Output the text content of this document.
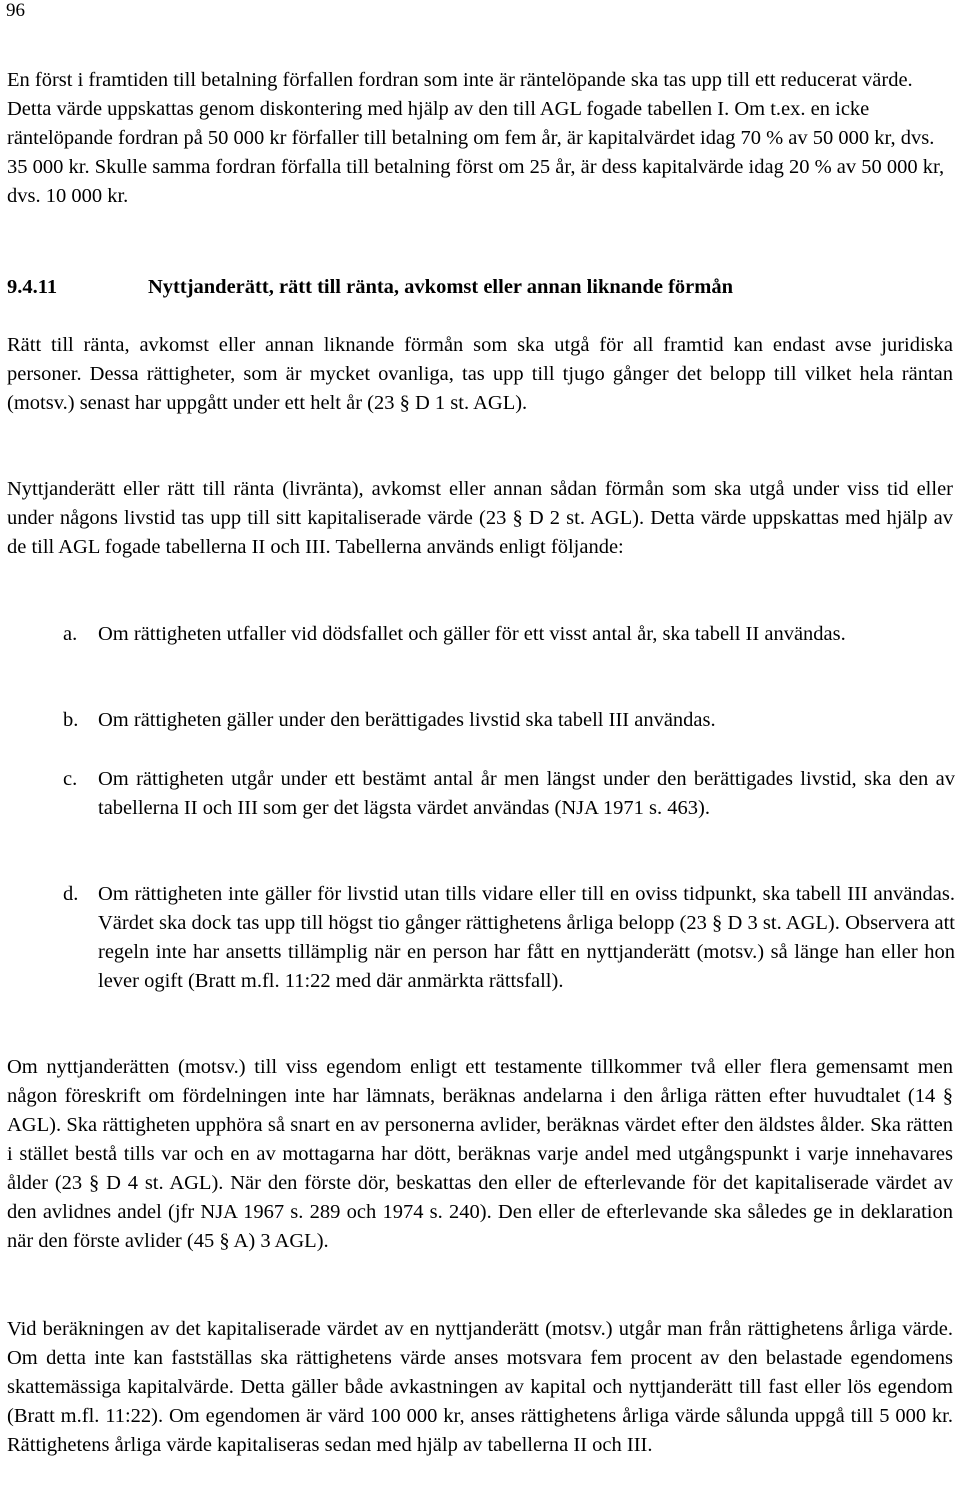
96

En först i framtiden till betalning förfallen fordran som inte är räntelöpande ska tas upp till ett reducerat värde. Detta värde uppskattas genom diskontering med hjälp av den till AGL fogade tabellen I. Om t.ex. en icke räntelöpande fordran på 50 000 kr förfaller till betalning om fem år, är kapitalvärdet idag 70 % av 50 000 kr, dvs. 35 000 kr. Skulle samma fordran förfalla till betalning först om 25 år, är dess kapitalvärde idag 20 % av 50 000 kr, dvs. 10 000 kr.

9.4.11	Nyttjanderätt, rätt till ränta, avkomst eller annan liknande förmån

Rätt till ränta, avkomst eller annan liknande förmån som ska utgå för all framtid kan endast avse juridiska personer. Dessa rättigheter, som är mycket ovanliga, tas upp till tjugo gånger det belopp till vilket hela räntan (motsv.) senast har uppgått under ett helt år (23 § D 1 st. AGL).

Nyttjanderätt eller rätt till ränta (livränta), avkomst eller annan sådan förmån som ska utgå under viss tid eller under någons livstid tas upp till sitt kapitaliserade värde (23 § D 2 st. AGL). Detta värde uppskattas med hjälp av de till AGL fogade tabellerna II och III. Tabellerna används enligt följande:

a.	Om rättigheten utfaller vid dödsfallet och gäller för ett visst antal år, ska tabell II användas.
b. Om rättigheten gäller under den berättigades livstid ska tabell III användas.
c.	Om rättigheten utgår under ett bestämt antal år men längst under den berättigades livstid, ska den av tabellerna II och III som ger det lägsta värdet användas (NJA 1971 s. 463).
d. Om rättigheten inte gäller för livstid utan tills vidare eller till en oviss tidpunkt, ska tabell III användas. Värdet ska dock tas upp till högst tio gånger rättighetens årliga belopp (23 § D 3 st. AGL). Observera att regeln inte har ansetts tillämplig när en person har fått en nyttjanderätt (motsv.) så länge han eller hon lever ogift (Bratt m.fl. 11:22 med där anmärkta rättsfall).

Om nyttjanderätten (motsv.) till viss egendom enligt ett testamente tillkommer två eller flera gemensamt men någon föreskrift om fördelningen inte har lämnats, beräknas andelarna i den årliga rätten efter huvudtalet (14 § AGL). Ska rättigheten upphöra så snart en av personerna avlider, beräknas värdet efter den äldstes ålder. Ska rätten i stället bestå tills var och en av mottagarna har dött, beräknas varje andel med utgångspunkt i varje innehavares ålder (23 § D 4 st. AGL). När den förste dör, beskattas den eller de efterlevande för det kapitaliserade värdet av den avlidnes andel (jfr NJA 1967 s. 289 och 1974 s. 240). Den eller de efterlevande ska således ge in deklaration när den förste avlider (45 § A) 3 AGL).

Vid beräkningen av det kapitaliserade värdet av en nyttjanderätt (motsv.) utgår man från rättighetens årliga värde. Om detta inte kan fastställas ska rättighetens värde anses motsvara fem procent av den belastade egendomens skattemässiga kapitalvärde. Detta gäller både avkastningen av kapital och nyttjanderätt till fast eller lös egendom (Bratt m.fl. 11:22). Om egendomen är värd 100 000 kr, anses rättighetens årliga värde sålunda uppgå till 5 000 kr. Rättighetens årliga värde kapitaliseras sedan med hjälp av tabellerna II och III.
